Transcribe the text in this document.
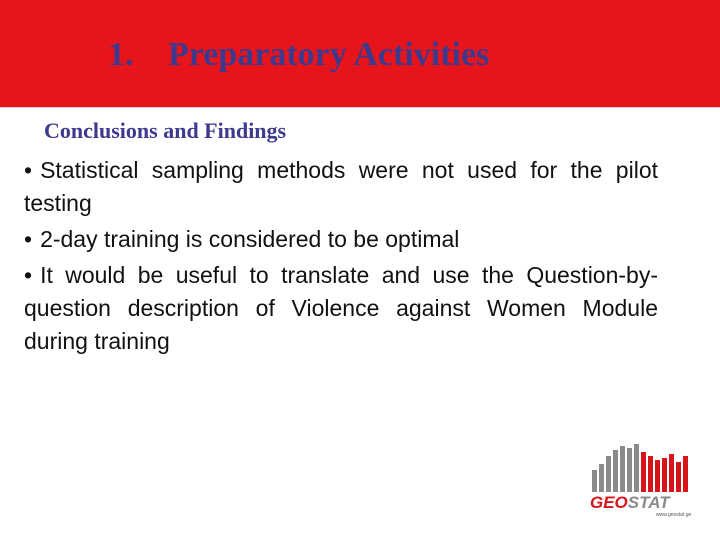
1. Preparatory Activities
Conclusions and Findings
• Statistical sampling methods were not used for the pilot testing
• 2-day training is considered to be optimal
• It would be useful to translate and use the Question-by-question description of Violence against Women Module during training
GEOSTAT
www.geostat.ge
